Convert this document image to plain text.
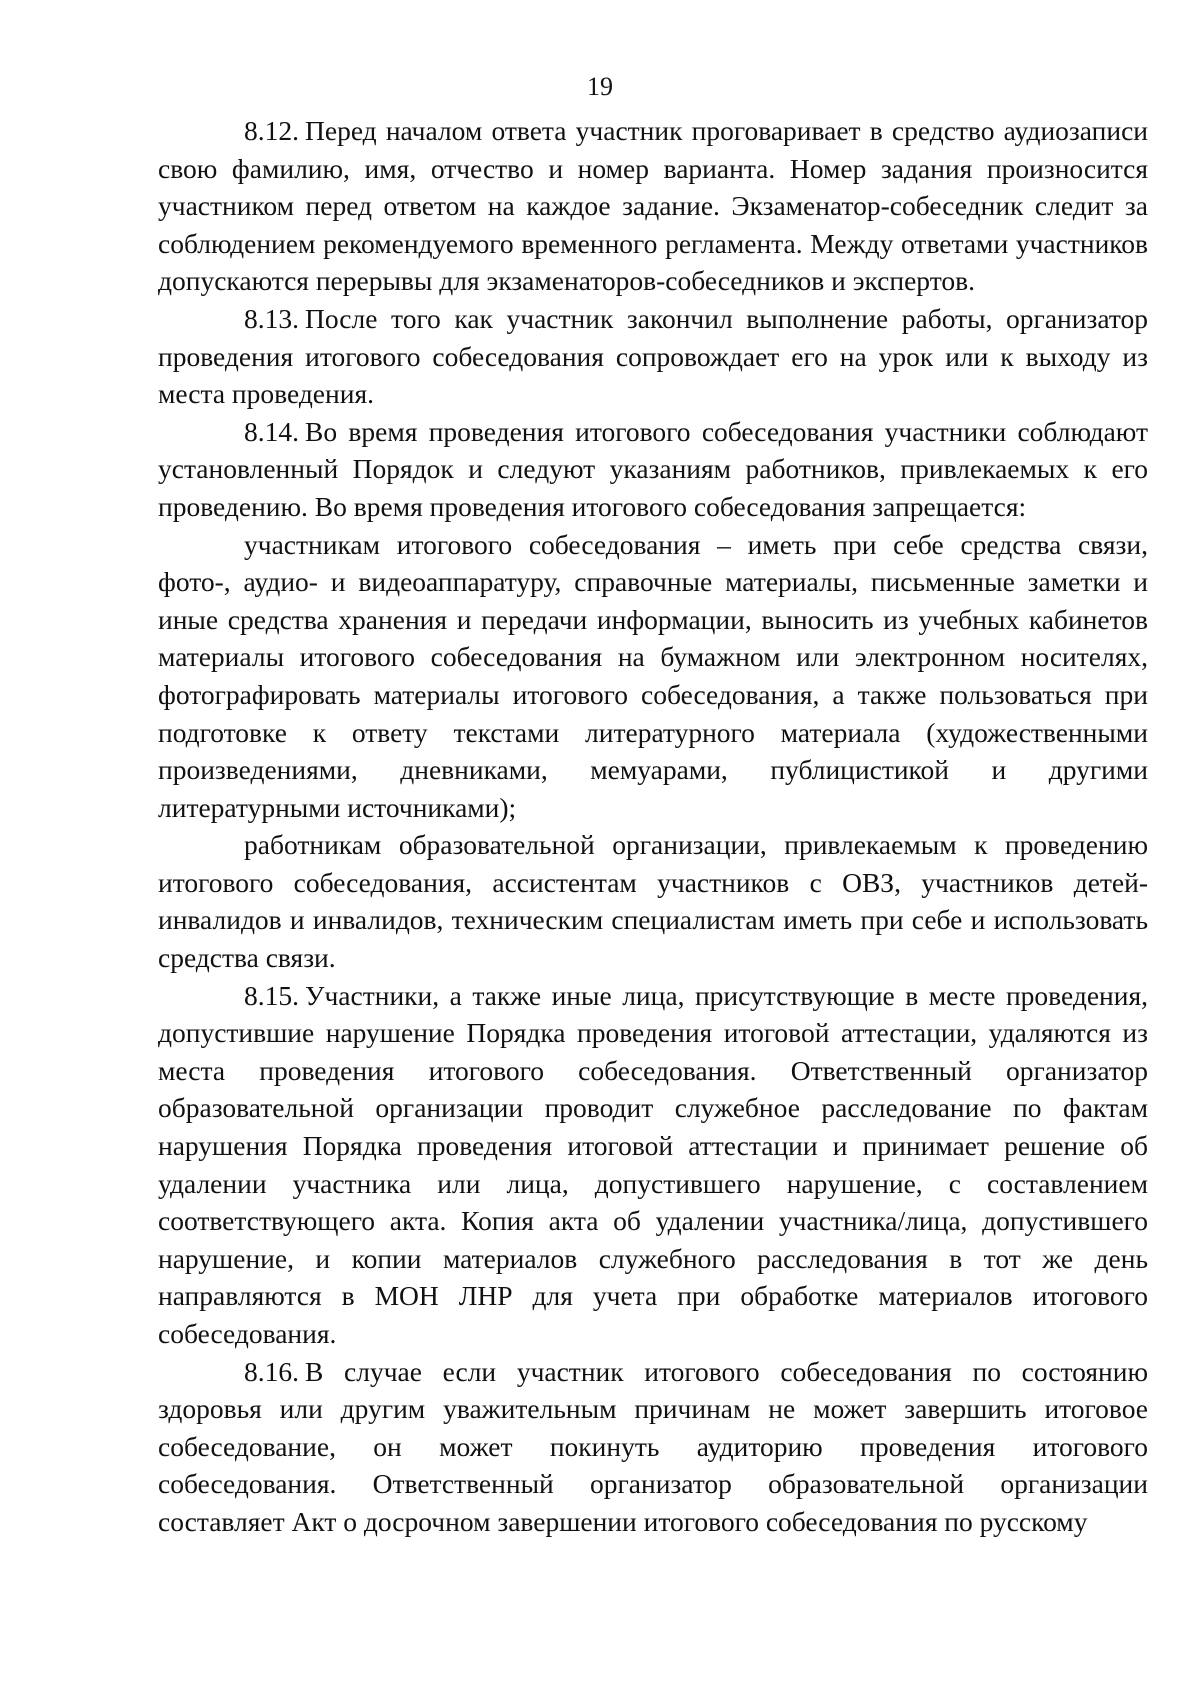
19

8.12. Перед началом ответа участник проговаривает в средство аудиозаписи свою фамилию, имя, отчество и номер варианта. Номер задания произносится участником перед ответом на каждое задание. Экзаменатор-собеседник следит за соблюдением рекомендуемого временного регламента. Между ответами участников допускаются перерывы для экзаменаторов-собеседников и экспертов.

8.13. После того как участник закончил выполнение работы, организатор проведения итогового собеседования сопровождает его на урок или к выходу из места проведения.

8.14. Во время проведения итогового собеседования участники соблюдают установленный Порядок и следуют указаниям работников, привлекаемых к его проведению. Во время проведения итогового собеседования запрещается:

участникам итогового собеседования – иметь при себе средства связи, фото-, аудио- и видеоаппаратуру, справочные материалы, письменные заметки и иные средства хранения и передачи информации, выносить из учебных кабинетов материалы итогового собеседования на бумажном или электронном носителях, фотографировать материалы итогового собеседования, а также пользоваться при подготовке к ответу текстами литературного материала (художественными произведениями, дневниками, мемуарами, публицистикой и другими литературными источниками);

работникам образовательной организации, привлекаемым к проведению итогового собеседования, ассистентам участников с ОВЗ, участников детей-инвалидов и инвалидов, техническим специалистам иметь при себе и использовать средства связи.

8.15. Участники, а также иные лица, присутствующие в месте проведения, допустившие нарушение Порядка проведения итоговой аттестации, удаляются из места проведения итогового собеседования. Ответственный организатор образовательной организации проводит служебное расследование по фактам нарушения Порядка проведения итоговой аттестации и принимает решение об удалении участника или лица, допустившего нарушение, с составлением соответствующего акта. Копия акта об удалении участника/лица, допустившего нарушение, и копии материалов служебного расследования в тот же день направляются в МОН ЛНР для учета при обработке материалов итогового собеседования.

8.16. В случае если участник итогового собеседования по состоянию здоровья или другим уважительным причинам не может завершить итоговое собеседование, он может покинуть аудиторию проведения итогового собеседования. Ответственный организатор образовательной организации составляет Акт о досрочном завершении итогового собеседования по русскому
